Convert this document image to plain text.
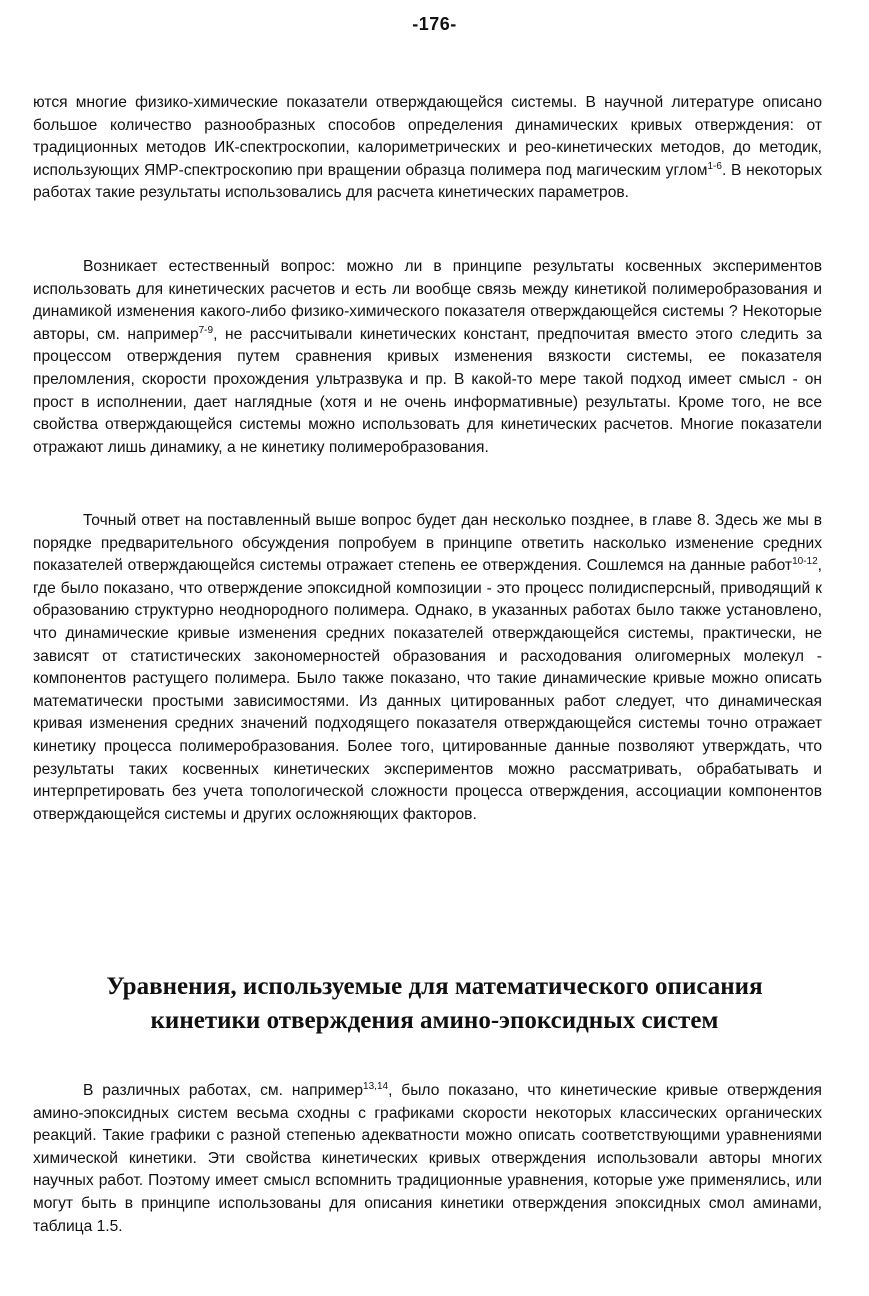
-176-

ются многие физико-химические показатели отверждающейся системы. В научной литературе описано большое количество разнообразных способов определения динамических кривых отверждения: от традиционных методов ИК-спектроскопии, калориметрических и рео-кинетических методов, до методик, использующих ЯМР-спектроскопию при вращении образца полимера под магическим углом$^{1-6}$. В некоторых работах такие результаты использовались для расчета кинетических параметров.

Возникает естественный вопрос: можно ли в принципе результаты косвенных экспериментов использовать для кинетических расчетов и есть ли вообще связь между кинетикой полимеробразования и динамикой изменения какого-либо физико-химического показателя отверждающейся системы ? Некоторые авторы, см. например$^{7-9}$, не рассчитывали кинетических констант, предпочитая вместо этого следить за процессом отверждения путем сравнения кривых изменения вязкости системы, ее показателя преломления, скорости прохождения ультразвука и пр. В какой-то мере такой подход имеет смысл - он прост в исполнении, дает наглядные (хотя и не очень информативные) результаты. Кроме того, не все свойства отверждающейся системы можно использовать для кинетических расчетов. Многие показатели отражают лишь динамику, а не кинетику полимеробразования.

Точный ответ на поставленный выше вопрос будет дан несколько позднее, в главе 8. Здесь же мы в порядке предварительного обсуждения попробуем в принципе ответить насколько изменение средних показателей отверждающейся системы отражает степень ее отверждения. Сошлемся на данные работ$^{10-12}$, где было показано, что отверждение эпоксидной композиции - это процесс полидисперсный, приводящий к образованию структурно неоднородного полимера. Однако, в указанных работах было также установлено, что динамические кривые изменения средних показателей отверждающейся системы, практически, не зависят от статистических закономерностей образования и расходования олигомерных молекул - компонентов растущего полимера. Было также показано, что такие динамические кривые можно описать математически простыми зависимостями. Из данных цитированных работ следует, что динамическая кривая изменения средних значений подходящего показателя отверждающейся системы точно отражает кинетику процесса полимеробразования. Более того, цитированные данные позволяют утверждать, что результаты таких косвенных кинетических экспериментов можно рассматривать, обрабатывать и интерпретировать без учета топологической сложности процесса отверждения, ассоциации компонентов отверждающейся системы и других осложняющих факторов.

Уравнения, используемые для математического описания
кинетики отверждения амино-эпоксидных систем

В различных работах, см. например$^{13,14}$, было показано, что кинетические кривые отверждения амино-эпоксидных систем весьма сходны с графиками скорости некоторых классических органических реакций. Такие графики с разной степенью адекватности можно описать соответствующими уравнениями химической кинетики. Эти свойства кинетических кривых отверждения использовали авторы многих научных работ. Поэтому имеет смысл вспомнить традиционные уравнения, которые уже применялись, или могут быть в принципе использованы для описания кинетики отверждения эпоксидных смол аминами, таблица 1.5.
